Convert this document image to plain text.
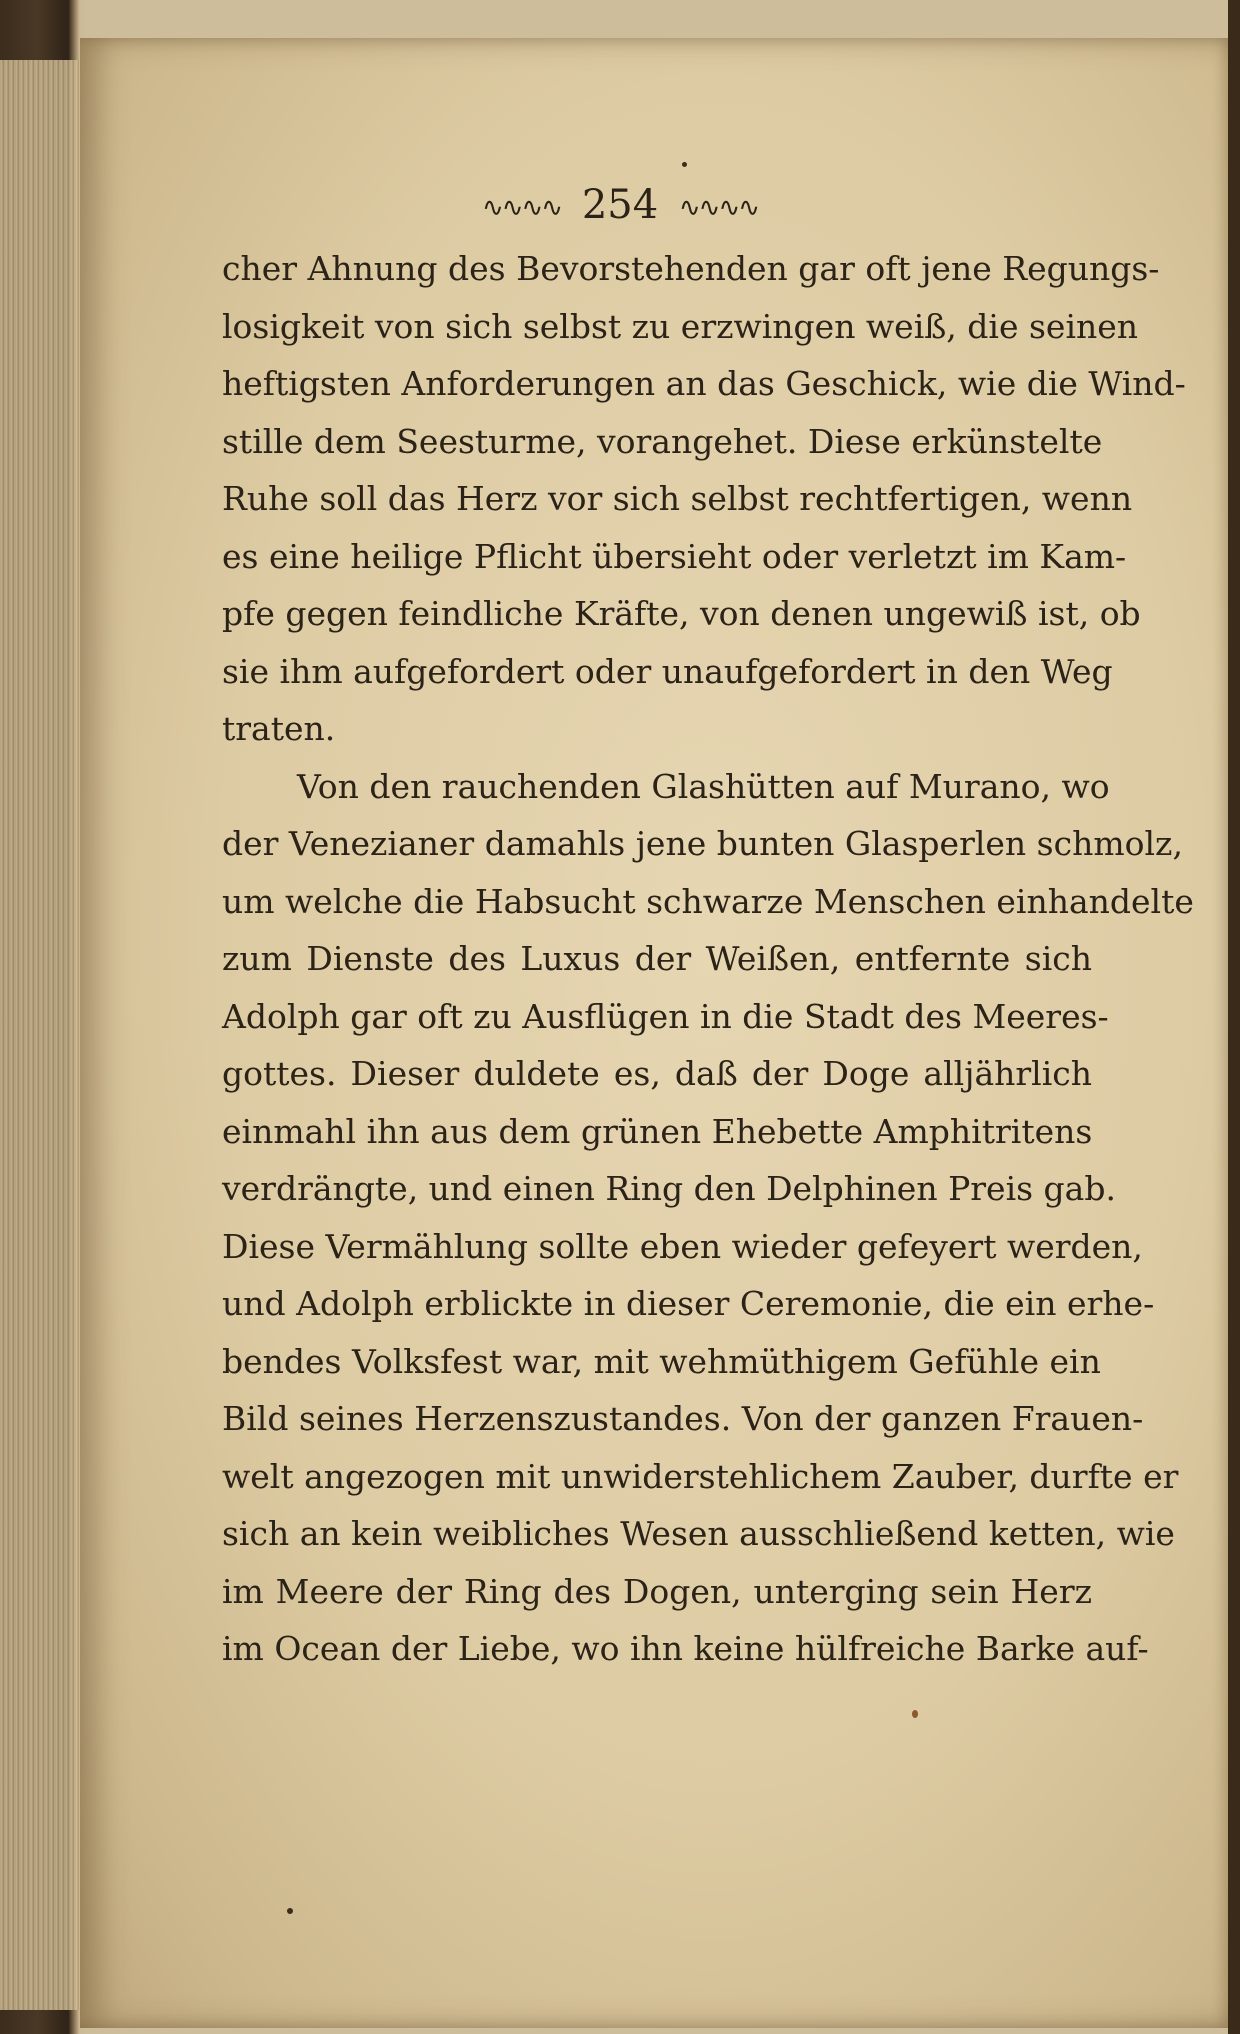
∿∿∿∿ 254 ∿∿∿∿
cher Ahnung des Bevorstehenden gar oft jene Regungs-
losigkeit von sich selbst zu erzwingen weiß, die seinen
heftigsten Anforderungen an das Geschick, wie die Wind-
stille dem Seesturme, vorangehet. Diese erkünstelte
Ruhe soll das Herz vor sich selbst rechtfertigen, wenn
es eine heilige Pflicht übersieht oder verletzt im Kam-
pfe gegen feindliche Kräfte, von denen ungewiß ist, ob
sie ihm aufgefordert oder unaufgefordert in den Weg
traten.
Von den rauchenden Glashütten auf Murano, wo
der Venezianer damahls jene bunten Glasperlen schmolz,
um welche die Habsucht schwarze Menschen einhandelte
zum Dienste des Luxus der Weißen, entfernte sich
Adolph gar oft zu Ausflügen in die Stadt des Meeres-
gottes. Dieser duldete es, daß der Doge alljährlich
einmahl ihn aus dem grünen Ehebette Amphitritens
verdrängte, und einen Ring den Delphinen Preis gab.
Diese Vermählung sollte eben wieder gefeyert werden,
und Adolph erblickte in dieser Ceremonie, die ein erhe-
bendes Volksfest war, mit wehmüthigem Gefühle ein
Bild seines Herzenszustandes. Von der ganzen Frauen-
welt angezogen mit unwiderstehlichem Zauber, durfte er
sich an kein weibliches Wesen ausschließend ketten, wie
im Meere der Ring des Dogen, unterging sein Herz
im Ocean der Liebe, wo ihn keine hülfreiche Barke auf-
